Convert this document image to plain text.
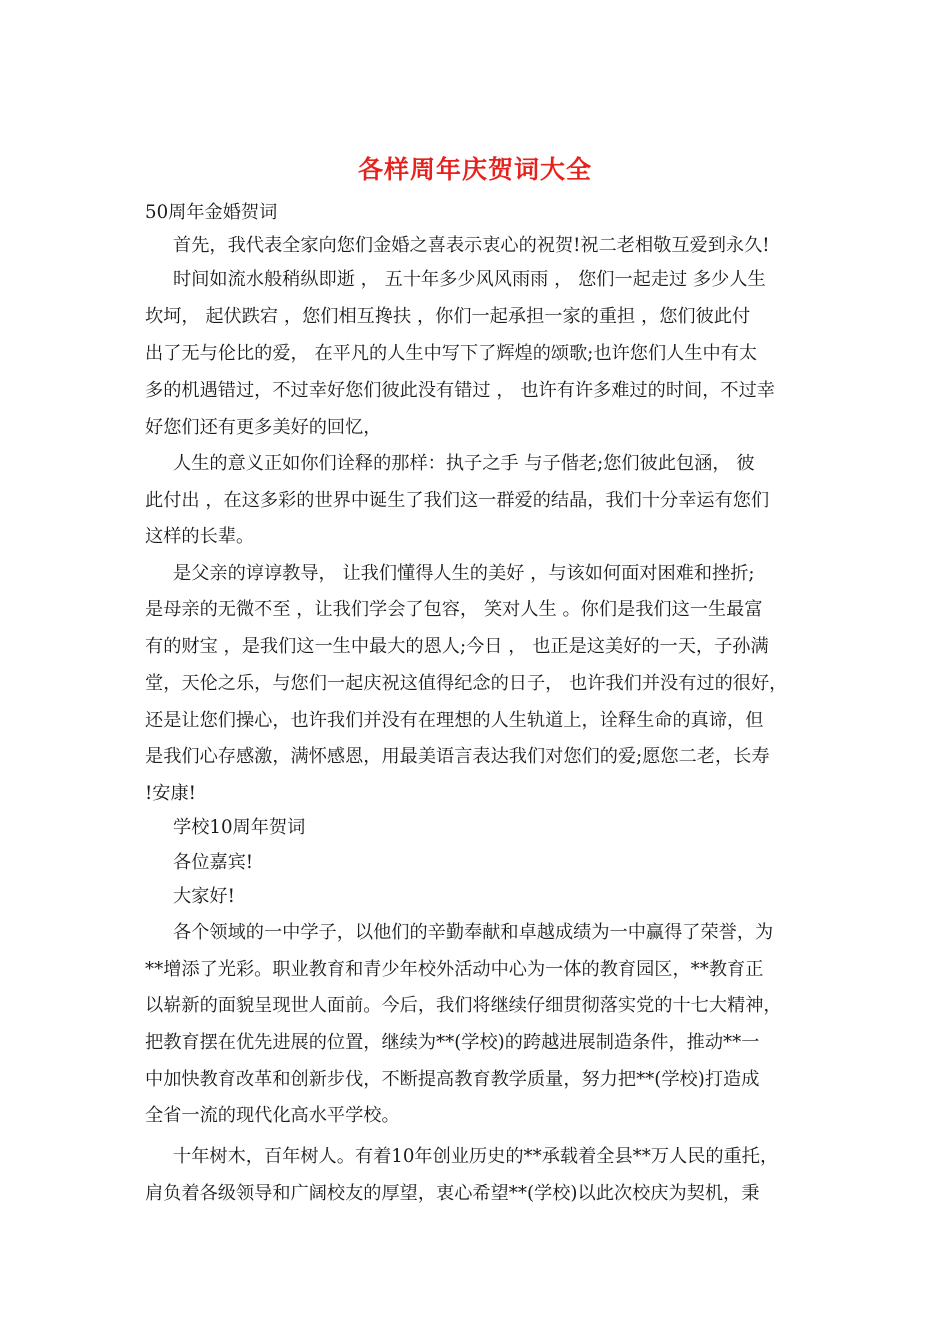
各样周年庆贺词大全
50周年金婚贺词
首先，我代表全家向您们金婚之喜表示衷心的祝贺!祝二老相敬互爱到永久!
时间如流水般稍纵即逝 ， 五十年多少风风雨雨 ， 您们一起走过 多少人生
坎坷， 起伏跌宕 ，您们相互搀扶 ，你们一起承担一家的重担 ，您们彼此付
出了无与伦比的爱， 在平凡的人生中写下了辉煌的颂歌;也许您们人生中有太
多的机遇错过，不过幸好您们彼此没有错过 ， 也许有许多难过的时间，不过幸
好您们还有更多美好的回忆，
人生的意义正如你们诠释的那样：执子之手 与子偕老;您们彼此包涵， 彼
此付出 ，在这多彩的世界中诞生了我们这一群爱的结晶，我们十分幸运有您们
这样的长辈。
是父亲的谆谆教导， 让我们懂得人生的美好 ，与该如何面对困难和挫折;
是母亲的无微不至 ，让我们学会了包容， 笑对人生 。你们是我们这一生最富
有的财宝 ，是我们这一生中最大的恩人;今日 ， 也正是这美好的一天，子孙满
堂，天伦之乐，与您们一起庆祝这值得纪念的日子， 也许我们并没有过的很好，
还是让您们操心，也许我们并没有在理想的人生轨道上，诠释生命的真谛，但
是我们心存感激，满怀感恩，用最美语言表达我们对您们的爱;愿您二老，长寿
!安康!
学校10周年贺词
各位嘉宾!
大家好!
各个领域的一中学子，以他们的辛勤奉献和卓越成绩为一中赢得了荣誉，为
**增添了光彩。职业教育和青少年校外活动中心为一体的教育园区，**教育正
以崭新的面貌呈现世人面前。今后，我们将继续仔细贯彻落实党的十七大精神，
把教育摆在优先进展的位置，继续为**(学校)的跨越进展制造条件，推动**一
中加快教育改革和创新步伐，不断提高教育教学质量，努力把**(学校)打造成
全省一流的现代化高水平学校。
十年树木，百年树人。有着10年创业历史的**承载着全县**万人民的重托，
肩负着各级领导和广阔校友的厚望，衷心希望**(学校)以此次校庆为契机，秉
